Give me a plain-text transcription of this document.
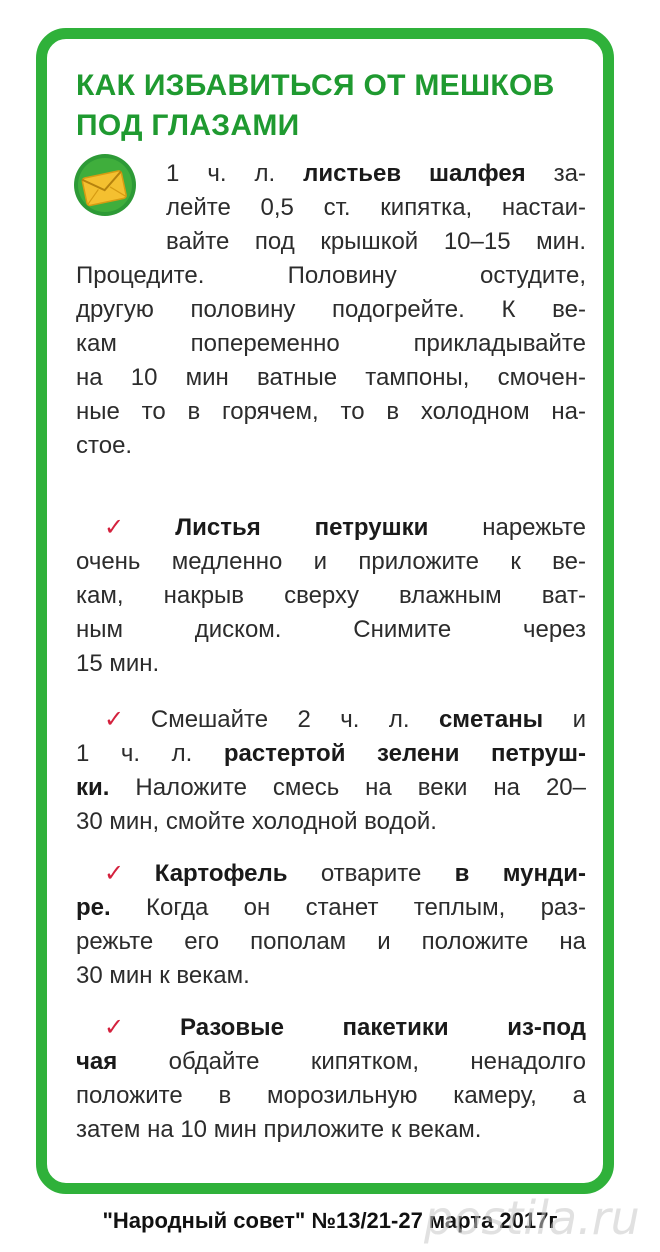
КАК ИЗБАВИТЬСЯ ОТ МЕШКОВ
ПОД ГЛАЗАМИ
1 ч. л. листьев шалфея за-
лейте 0,5 ст. кипятка, настаи-
вайте под крышкой 10–15 мин.
Процедите. Половину остудите,
другую половину подогрейте. К ве-
кам попеременно прикладывайте
на 10 мин ватные тампоны, смочен-
ные то в горячем, то в холодном на-
стое.
✓ Листья петрушки нарежьте
очень медленно и приложите к ве-
кам, накрыв сверху влажным ват-
ным диском. Снимите через
15 мин.
✓ Смешайте 2 ч. л. сметаны и
1 ч. л. растертой зелени петруш-
ки. Наложите смесь на веки на 20–
30 мин, смойте холодной водой.
✓ Картофель отварите в мунди-
ре. Когда он станет теплым, раз-
режьте его пополам и положите на
30 мин к векам.
✓ Разовые пакетики из-под
чая обдайте кипятком, ненадолго
положите в морозильную камеру, а
затем на 10 мин приложите к векам.
"Народный совет" №13/21-27 марта 2017г
postila.ru
